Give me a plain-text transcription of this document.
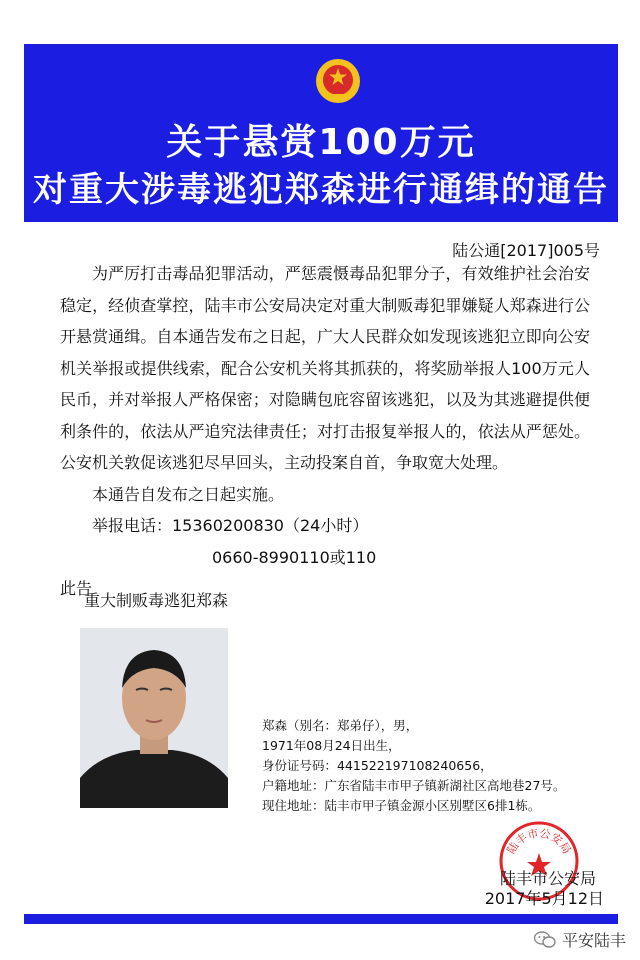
关于悬赏100万元
对重大涉毒逃犯郑森进行通缉的通告
陆公通[2017]005号

为严厉打击毒品犯罪活动，严惩震慑毒品犯罪分子，有效维护社会治安稳定，经侦查掌控，陆丰市公安局决定对重大制贩毒犯罪嫌疑人郑森进行公开悬赏通缉。自本通告发布之日起，广大人民群众如发现该逃犯立即向公安机关举报或提供线索，配合公安机关将其抓获的，将奖励举报人100万元人民币，并对举报人严格保密；对隐瞒包庇容留该逃犯，以及为其逃避提供便利条件的，依法从严追究法律责任；对打击报复举报人的，依法从严惩处。公安机关敦促该逃犯尽早回头，主动投案自首，争取宽大处理。

本通告自发布之日起实施。

举报电话：15360200830（24小时）

0660-8990110或110

此告

重大制贩毒逃犯郑森
郑森（别名：郑弟仔），男，
1971年08月24日出生，
身份证号码：441522197108240656，
户籍地址：广东省陆丰市甲子镇新湖社区高地巷27号。
现住地址：陆丰市甲子镇金源小区别墅区6排1栋。
陆丰市公安局
陆丰市公安局
2017年5月12日
平安陆丰
